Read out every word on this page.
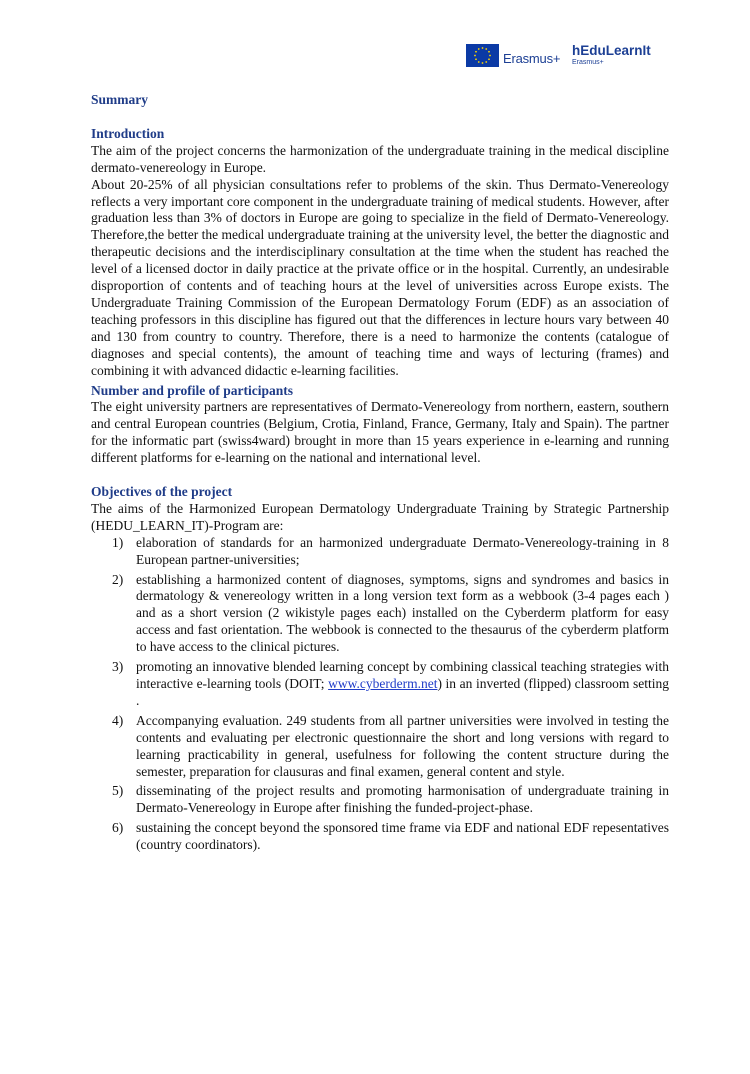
Erasmus+
hEduLearnIt
Erasmus+
Summary
Introduction

The aim of the project concerns the harmonization of the undergraduate training in the medical discipline dermato-venereology in Europe.

About 20-25% of all physician consultations refer to problems of the skin. Thus Dermato-Venereology reflects a very important core component in the undergraduate training of medical students. However, after graduation less than 3% of doctors in Europe are going to specialize in the field of Dermato-Venereology. Therefore,the better the medical undergraduate training at the university level, the better the diagnostic and therapeutic decisions and the interdisciplinary consultation at the time when the student has reached the level of a licensed doctor in daily practice at the private office or in the hospital. Currently, an undesirable disproportion of contents and of teaching hours at the level of universities across Europe exists. The Undergraduate Training Commission of the European Dermatology Forum (EDF) as an association of teaching professors in this discipline has figured out that the differences in lecture hours vary between 40 and 130 from country to country. Therefore, there is a need to harmonize the contents (catalogue of diagnoses and special contents), the amount of teaching time and ways of lecturing (frames) and combining it with advanced didactic e-learning facilities.

Number and profile of participants

The eight university partners are representatives of Dermato-Venereology from northern, eastern, southern and central European countries (Belgium, Crotia, Finland, France, Germany, Italy and Spain). The partner for the informatic part (swiss4ward) brought in more than 15 years experience in e-learning and running different platforms for e-learning on the national and international level.

Objectives of the project

The aims of the Harmonized European Dermatology Undergraduate Training by Strategic Partnership (HEDU_LEARN_IT)-Program are:

1) elaboration of standards for an harmonized undergraduate Dermato-Venereology-training in 8 European partner-universities;
2) establishing a harmonized content of diagnoses, symptoms, signs and syndromes and basics in dermatology & venereology written in a long version text form as a webbook (3-4 pages each ) and as a short version (2 wikistyle pages each) installed on the Cyberderm platform for easy access and fast orientation. The webbook is connected to the thesaurus of the cyberderm platform to have access to the clinical pictures.
3) promoting an innovative blended learning concept by combining classical teaching strategies with interactive e-learning tools (DOIT; www.cyberderm.net) in an inverted (flipped) classroom setting .
4) Accompanying evaluation. 249 students from all partner universities were involved in testing the contents and evaluating per electronic questionnaire the short and long versions with regard to learning practicability in general, usefulness for following the content structure during the semester, preparation for clausuras and final examen, general content and style.
5) disseminating of the project results and promoting harmonisation of undergraduate training in Dermato-Venereology in Europe after finishing the funded-project-phase.
6) sustaining the concept beyond the sponsored time frame via EDF and national EDF repesentatives (country coordinators).
